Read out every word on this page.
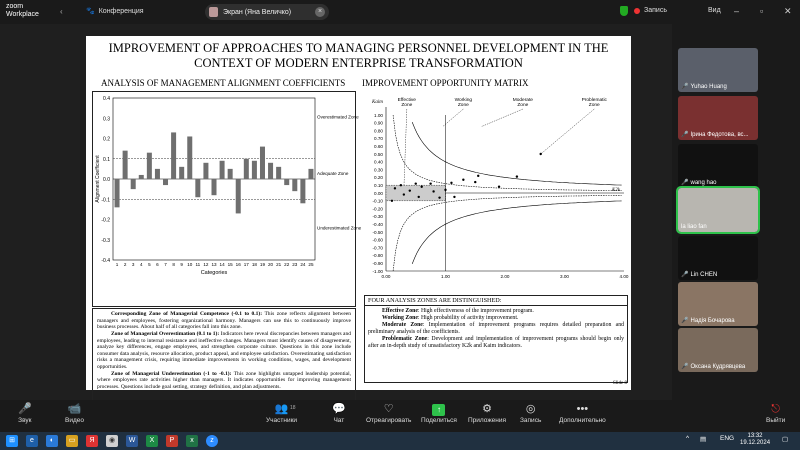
zoom
Workplace	‹	🐾 Конференция	Экран (Яна Величко)	×	Запись	Вид – ▫ ✕
IMPROVEMENT OF APPROACHES TO MANAGING PERSONNEL DEVELOPMENT IN THE CONTEXT OF MODERN ENTERPRISE TRANSFORMATION
ANALYSIS OF MANAGEMENT ALIGNMENT COEFFICIENTS IMPROVEMENT OPPORTUNITY MATRIX
0.4
0.3
0.2
0.1
0.0
-0.1
-0.2
-0.3
-0.4
1 2 3 4 5 6 7 8 9 10 11 12 13 14 15 16 17 18 19 20 21 22 23 24 25
Categories
Alignment Coefficient
Overestimated Zone
Adequate Zone
Underestimated Zone
1.00
0.90
0.80
0.70
0.60
0.50
0.40
0.30
0.20
0.10
0.00
-0.10
-0.20
-0.30
-0.40
-0.50
-0.60
-0.70
-0.80
-0.90
-1.00
0.00	1.00	2.00	3.00	4.00
Kaim
K2k
Effective
Zone
Working
Zone
Moderate
Zone
Problematic
Zone

Corresponding Zone of Managerial Competence (-0.1 to 0.1): This zone reflects alignment between managers and employees, fostering organizational harmony. Managers can use this to continuously improve business processes. About half of all categories fall into this zone.

Zone of Managerial Overestimation (0.1 to 1): Indicators here reveal discrepancies between managers and employees, leading to internal resistance and ineffective changes. Managers must identify causes of disagreement, analyze key differences, engage employees, and strengthen corporate culture. Questions in this zone include consumer data analysis, resource allocation, product appeal, and employee satisfaction. Overestimating satisfaction risks a management crisis, requiring immediate improvements in working conditions, wages, and development opportunities.

Zone of Managerial Underestimation (-1 to -0.1): This zone highlights untapped leadership potential, where employees rate activities higher than managers. It indicates opportunities for improving management processes. Questions include goal setting, strategy definition, and plan adjustments.

FOUR ANALYSIS ZONES ARE DISTINGUISHED:

Effective Zone: High effectiveness of the improvement program.

Working Zone: High probability of activity improvement.

Moderate Zone: Implementation of improvement programs requires detailed preparation and preliminary analysis of the coefficients.

Problematic Zone: Development and implementation of improvement programs should begin only after an in-depth study of unsatisfactory K2k and Kaim indicators.

Slide 8
🎤 Yuhao Huang
🎤 Ірина Федотова, вс...
🎤 wang hao
la liao fan
🎤 Lin CHEN
🎤 Надія Бочарова
🎤 Оксана Кудрявцева
🎤
Звук
📹
Видео
👥
Участники
18	💬
Чат
♡
Отреагировать
↑
Поделиться
⚙
Приложения
◎
Запись
•••
Дополнительно
⎋
Выйти
⊞	e	◐	▭	Я	◉	W	X	P	x	z	^ ▤ ENG	13:32
19.12.2024 ▢
